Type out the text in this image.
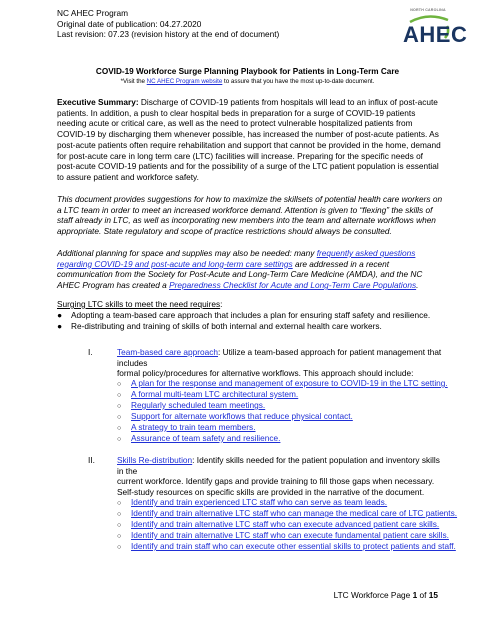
NC AHEC Program
Original date of publication: 04.27.2020
Last revision: 07.23 (revision history at the end of document)
NORTH CAROLINA
AHEC
COVID-19 Workforce Surge Planning Playbook for Patients in Long-Term Care
*Visit the NC AHEC Program website to assure that you have the most up-to-date document.
Executive Summary: Discharge of COVID-19 patients from hospitals will lead to an influx of post-acute patients. In addition, a push to clear hospital beds in preparation for a surge of COVID-19 patients needing acute or critical care, as well as the need to protect vulnerable hospitalized patients from COVID-19 by discharging them whenever possible, has increased the number of post-acute patients. As post-acute patients often require rehabilitation and support that cannot be provided in the home, demand for post-acute care in long term care (LTC) facilities will increase. Preparing for the specific needs of post-acute COVID-19 patients and for the possibility of a surge of the LTC patient population is essential to assure patient and workforce safety.
This document provides suggestions for how to maximize the skillsets of potential health care workers on a LTC team in order to meet an increased workforce demand. Attention is given to “flexing” the skills of staff already in LTC, as well as incorporating new members into the team and alternate workflows when appropriate. State regulatory and scope of practice restrictions should always be consulted.
Additional planning for space and supplies may also be needed: many frequently asked questions regarding COVID-19 and post-acute and long-term care settings are addressed in a recent communication from the Society for Post-Acute and Long-Term Care Medicine (AMDA), and the NC AHEC Program has created a Preparedness Checklist for Acute and Long-Term Care Populations.
Surging LTC skills to meet the need requires:
● Adopting a team-based care approach that includes a plan for ensuring staff safety and resilience.
● Re-distributing and training of skills of both internal and external health care workers.
I.	Team-based care approach: Utilize a team-based approach for patient management that includes
formal policy/procedures for alternative workflows. This approach should include:
○ A plan for the response and management of exposure to COVID-19 in the LTC setting.
○ A formal multi-team LTC architectural system.
○ Regularly scheduled team meetings.
○ Support for alternate workflows that reduce physical contact.
○ A strategy to train team members.
○ Assurance of team safety and resilience.
II.	Skills Re-distribution: Identify skills needed for the patient population and inventory skills in the
current workforce. Identify gaps and provide training to fill those gaps when necessary. Self-study resources on specific skills are provided in the narrative of the document.
○ Identify and train experienced LTC staff who can serve as team leads.
○ Identify and train alternative LTC staff who can manage the medical care of LTC patients.
○ Identify and train alternative LTC staff who can execute advanced patient care skills.
○ Identify and train alternative LTC staff who can execute fundamental patient care skills.
○ Identify and train staff who can execute other essential skills to protect patients and staff.
LTC Workforce Page 1 of 15
